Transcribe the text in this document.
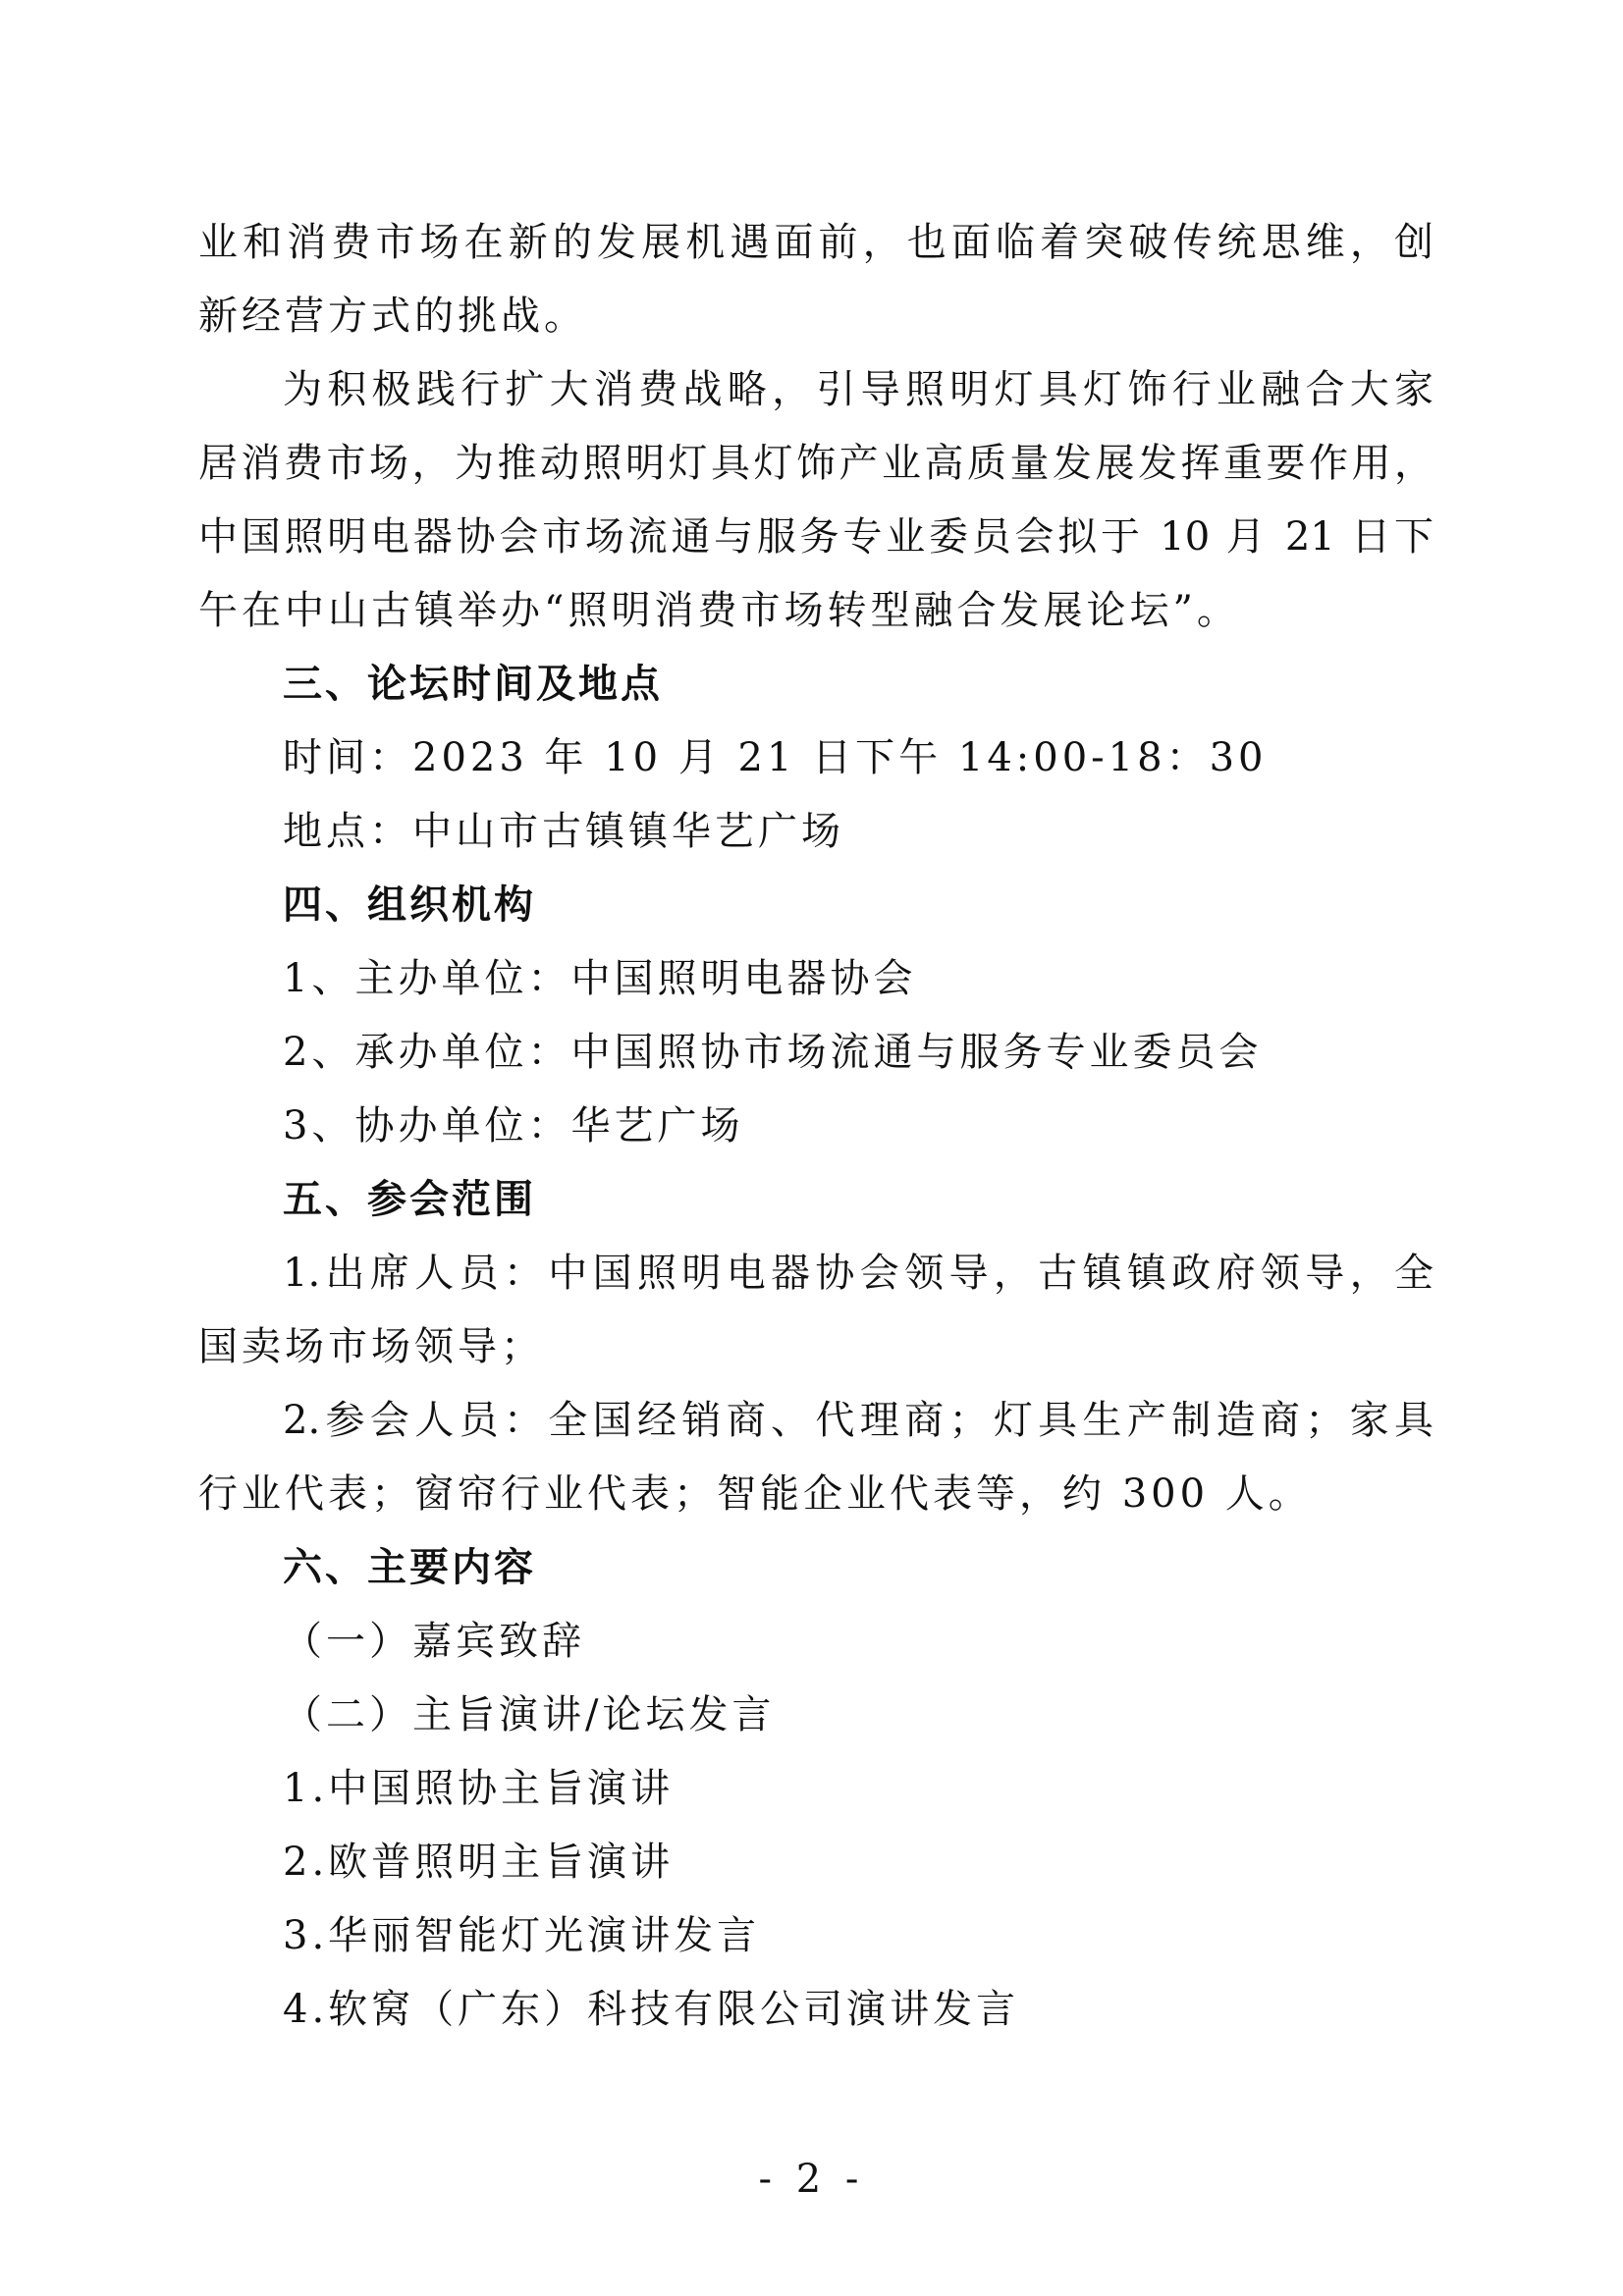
业和消费市场在新的发展机遇面前，也面临着突破传统思维，创
新经营方式的挑战。
为积极践行扩大消费战略，引导照明灯具灯饰行业融合大家
居消费市场，为推动照明灯具灯饰产业高质量发展发挥重要作用，
中国照明电器协会市场流通与服务专业委员会拟于 10 月 21 日下
午在中山古镇举办“照明消费市场转型融合发展论坛”。
三、论坛时间及地点
时间：2023 年 10 月 21 日下午 14:00-18：30
地点：中山市古镇镇华艺广场
四、组织机构
1、主办单位：中国照明电器协会
2、承办单位：中国照协市场流通与服务专业委员会
3、协办单位：华艺广场
五、参会范围
1.出席人员：中国照明电器协会领导，古镇镇政府领导，全
国卖场市场领导；
2.参会人员：全国经销商、代理商；灯具生产制造商；家具
行业代表；窗帘行业代表；智能企业代表等，约 300 人。
六、主要内容
（一）嘉宾致辞
（二）主旨演讲/论坛发言
1.中国照协主旨演讲
2.欧普照明主旨演讲
3.华丽智能灯光演讲发言
4.软窝（广东）科技有限公司演讲发言
- 2 -
